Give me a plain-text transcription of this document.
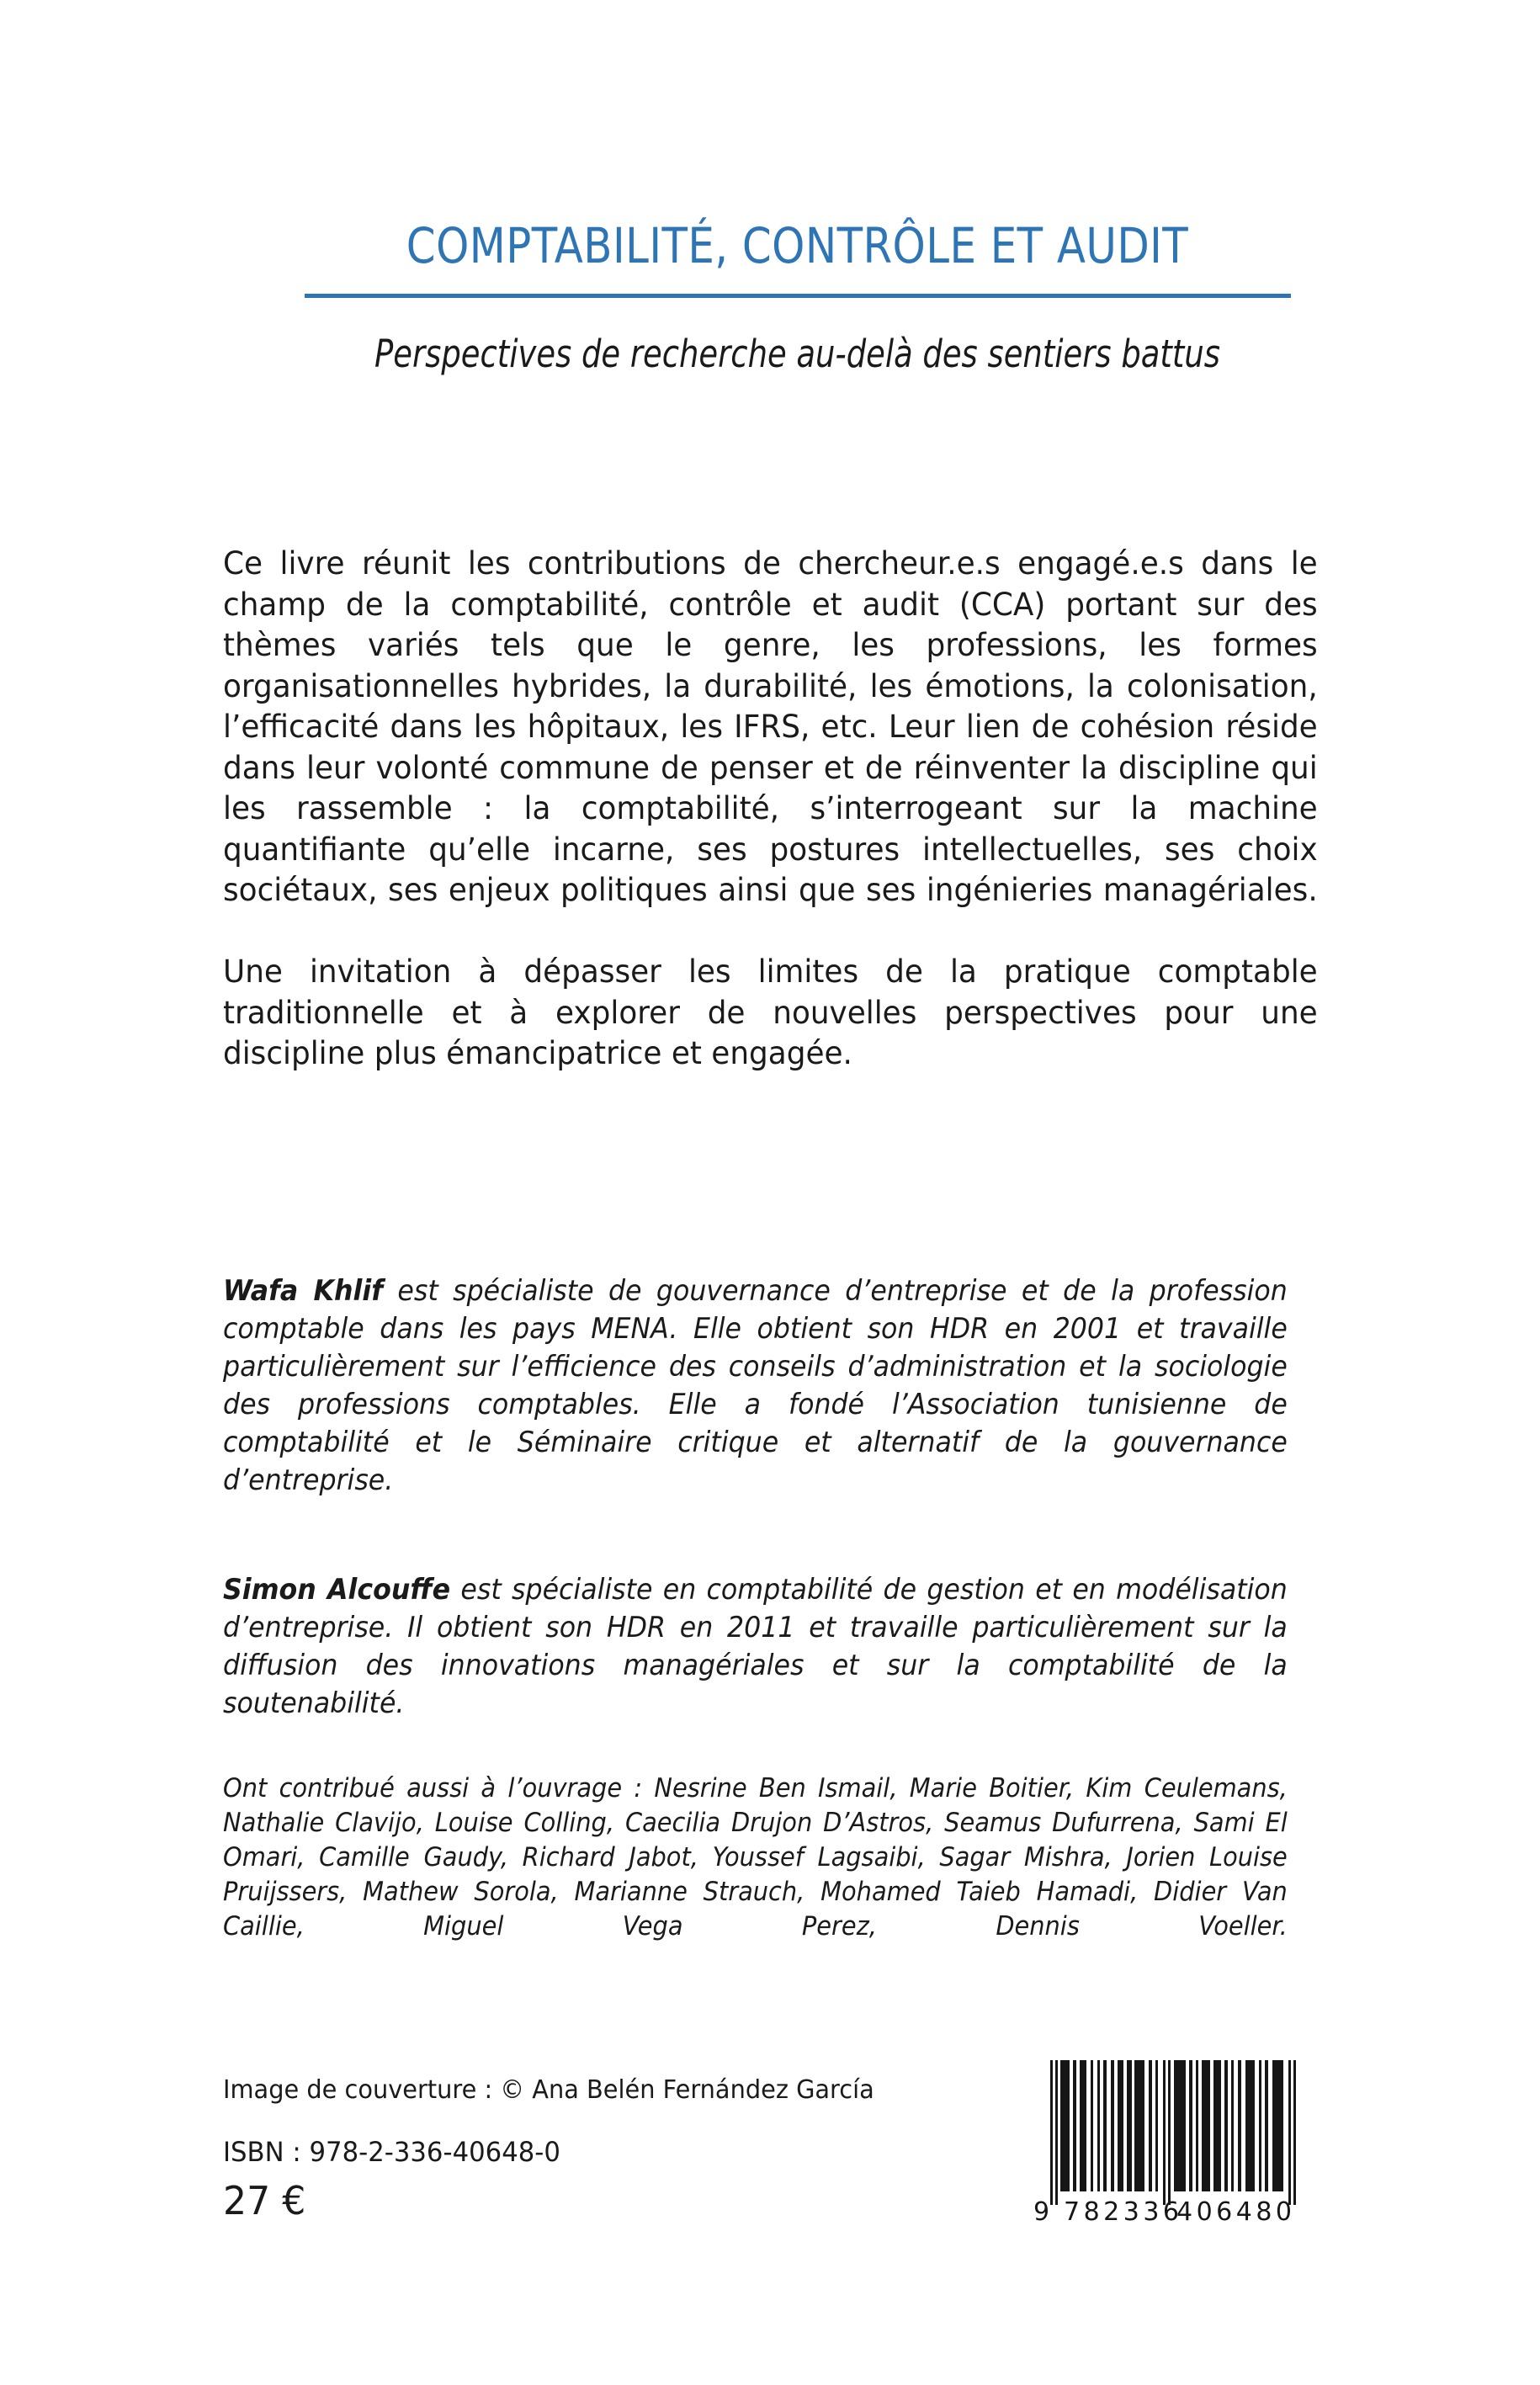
COMPTABILITÉ, CONTRÔLE ET AUDIT
Perspectives de recherche au-delà des sentiers battus

Ce livre réunit les contributions de chercheur.e.s engagé.e.s dans le champ de la comptabilité, contrôle et audit (CCA) portant sur des thèmes variés tels que le genre, les professions, les formes organisationnelles hybrides, la durabilité, les émotions, la colonisation, l’efficacité dans les hôpitaux, les IFRS, etc. Leur lien de cohésion réside dans leur volonté commune de penser et de réinventer la discipline qui les rassemble : la comptabilité, s’interrogeant sur la machine quantifiante qu’elle incarne, ses postures intellectuelles, ses choix sociétaux, ses enjeux politiques ainsi que ses ingénieries managériales.

Une invitation à dépasser les limites de la pratique comptable traditionnelle et à explorer de nouvelles perspectives pour une discipline plus émancipatrice et engagée.

Wafa Khlif est spécialiste de gouvernance d’entreprise et de la profession comptable dans les pays MENA. Elle obtient son HDR en 2001 et travaille particulièrement sur l’efficience des conseils d’administration et la sociologie des professions comptables. Elle a fondé l’Association tunisienne de comptabilité et le Séminaire critique et alternatif de la gouvernance d’entreprise.

Simon Alcouffe est spécialiste en comptabilité de gestion et en modélisation d’entreprise. Il obtient son HDR en 2011 et travaille particulièrement sur la diffusion des innovations managériales et sur la comptabilité de la soutenabilité.

Ont contribué aussi à l’ouvrage : Nesrine Ben Ismail, Marie Boitier, Kim Ceulemans, Nathalie Clavijo, Louise Colling, Caecilia Drujon D’Astros, Seamus Dufurrena, Sami El Omari, Camille Gaudy, Richard Jabot, Youssef Lagsaibi, Sagar Mishra, Jorien Louise Pruijssers, Mathew Sorola, Marianne Strauch, Mohamed Taieb Hamadi, Didier Van Caillie, Miguel Vega Perez, Dennis Voeller.
Image de couverture : © Ana Belén Fernández García
ISBN : 978-2-336-40648-0
27 €	9 782336
406480
